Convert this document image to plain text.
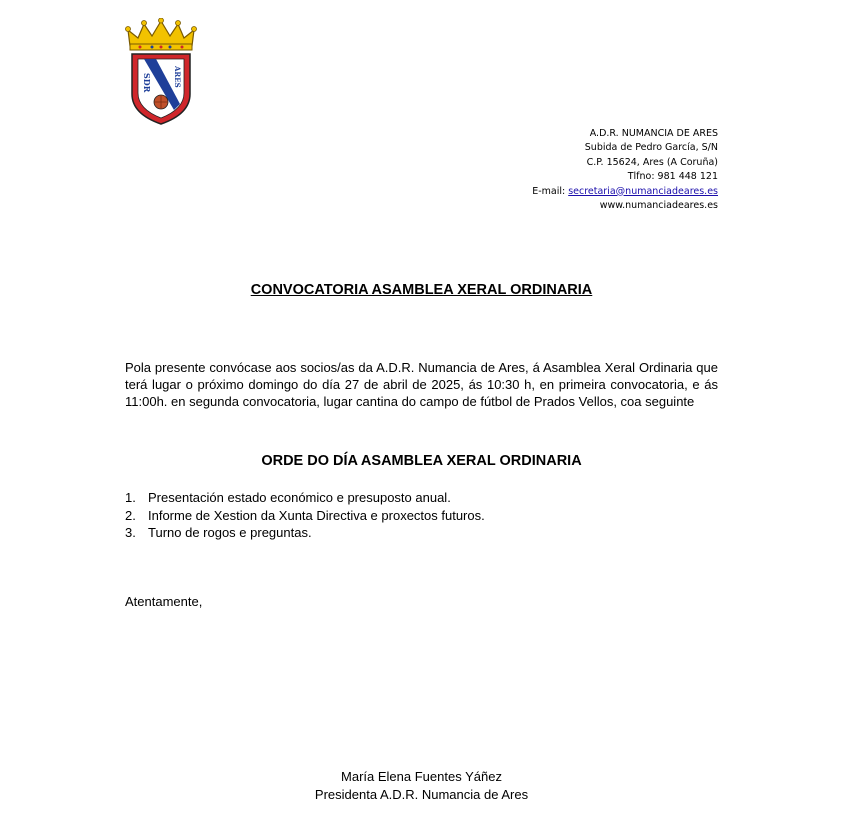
SDR	ARES
A.D.R. NUMANCIA DE ARES
Subida de Pedro García, S/N
C.P. 15624, Ares (A Coruña)
Tlfno: 981 448 121
E-mail: secretaria@numanciadeares.es
www.numanciadeares.es
CONVOCATORIA ASAMBLEA XERAL ORDINARIA
Pola presente convócase aos socios/as da A.D.R. Numancia de Ares, á Asamblea Xeral Ordinaria que terá lugar o próximo domingo do día 27 de abril de 2025, ás 10:30 h, en primeira convocatoria, e ás 11:00h. en segunda convocatoria, lugar cantina do campo de fútbol de Prados Vellos, coa seguinte
ORDE DO DÍA ASAMBLEA XERAL ORDINARIA
1. Presentación estado económico e presuposto anual.
2. Informe de Xestion da Xunta Directiva e proxectos futuros.
3. Turno de rogos e preguntas.
Atentamente,
María Elena Fuentes Yáñez
Presidenta A.D.R. Numancia de Ares
